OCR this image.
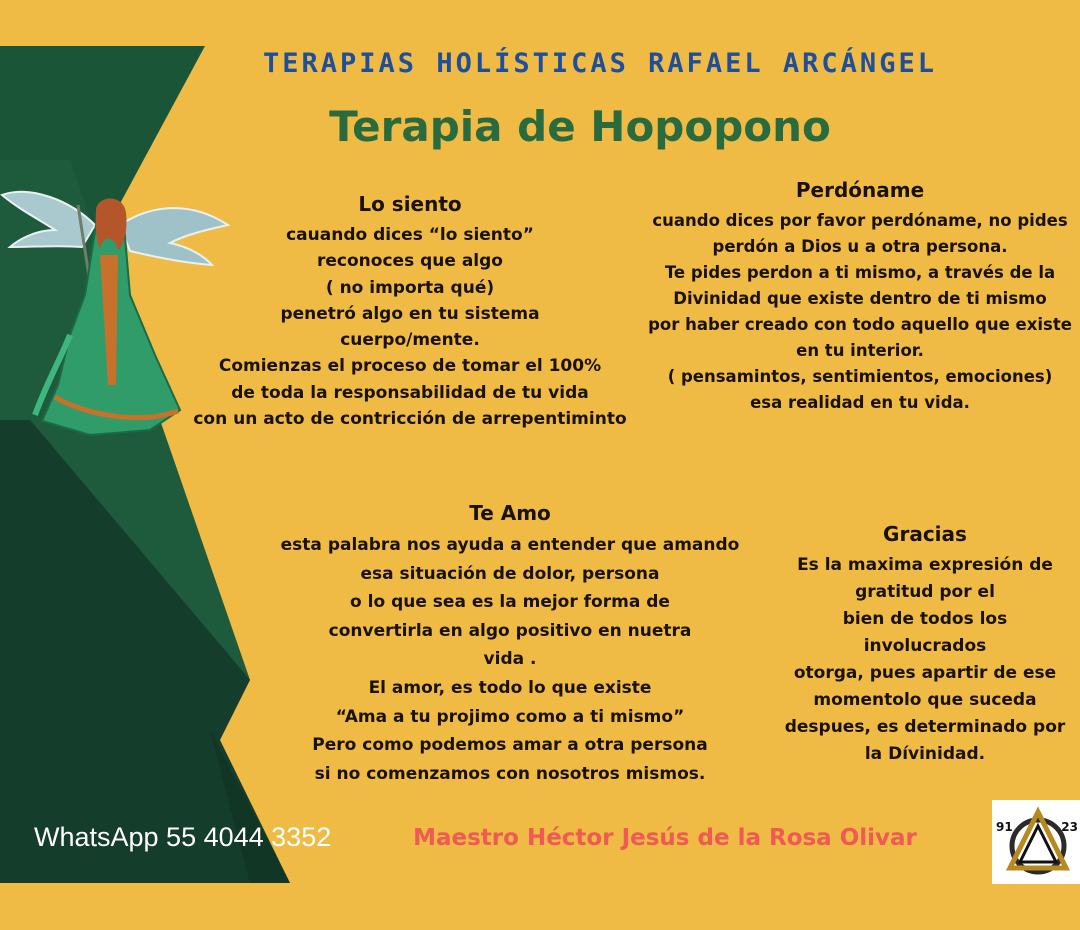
TERAPIAS HOLÍSTICAS RAFAEL ARCÁNGEL
Terapia de Hopopono
Lo siento
cauando dices “lo siento”
reconoces que algo
( no importa qué)
penetró algo en tu sistema
cuerpo/mente.
Comienzas el proceso de tomar el 100%
de toda la responsabilidad de tu vida
con un acto de contricción de arrepentiminto
Perdóname
cuando dices por favor perdóname, no pides
perdón a Dios u a otra persona.
Te pides perdon a ti mismo, a través de la
Divinidad que existe dentro de ti mismo
por haber creado con todo aquello que existe
en tu interior.
( pensamintos, sentimientos, emociones)
esa realidad en tu vida.
Te Amo
esta palabra nos ayuda a entender que amando
esa situación de dolor, persona
o lo que sea es la mejor forma de
convertirla en algo positivo en nuetra
vida .
El amor, es todo lo que existe
“Ama a tu projimo como a ti mismo”
Pero como podemos amar a otra persona
si no comenzamos con nosotros mismos.
Gracias
Es la maxima expresión de
gratitud por el
bien de todos los
involucrados
otorga, pues apartir de ese
momentolo que suceda
despues, es determinado por
la Dívinidad.
WhatsApp 55 4044 3352	Maestro Héctor Jesús de la Rosa Olivar	91	23
